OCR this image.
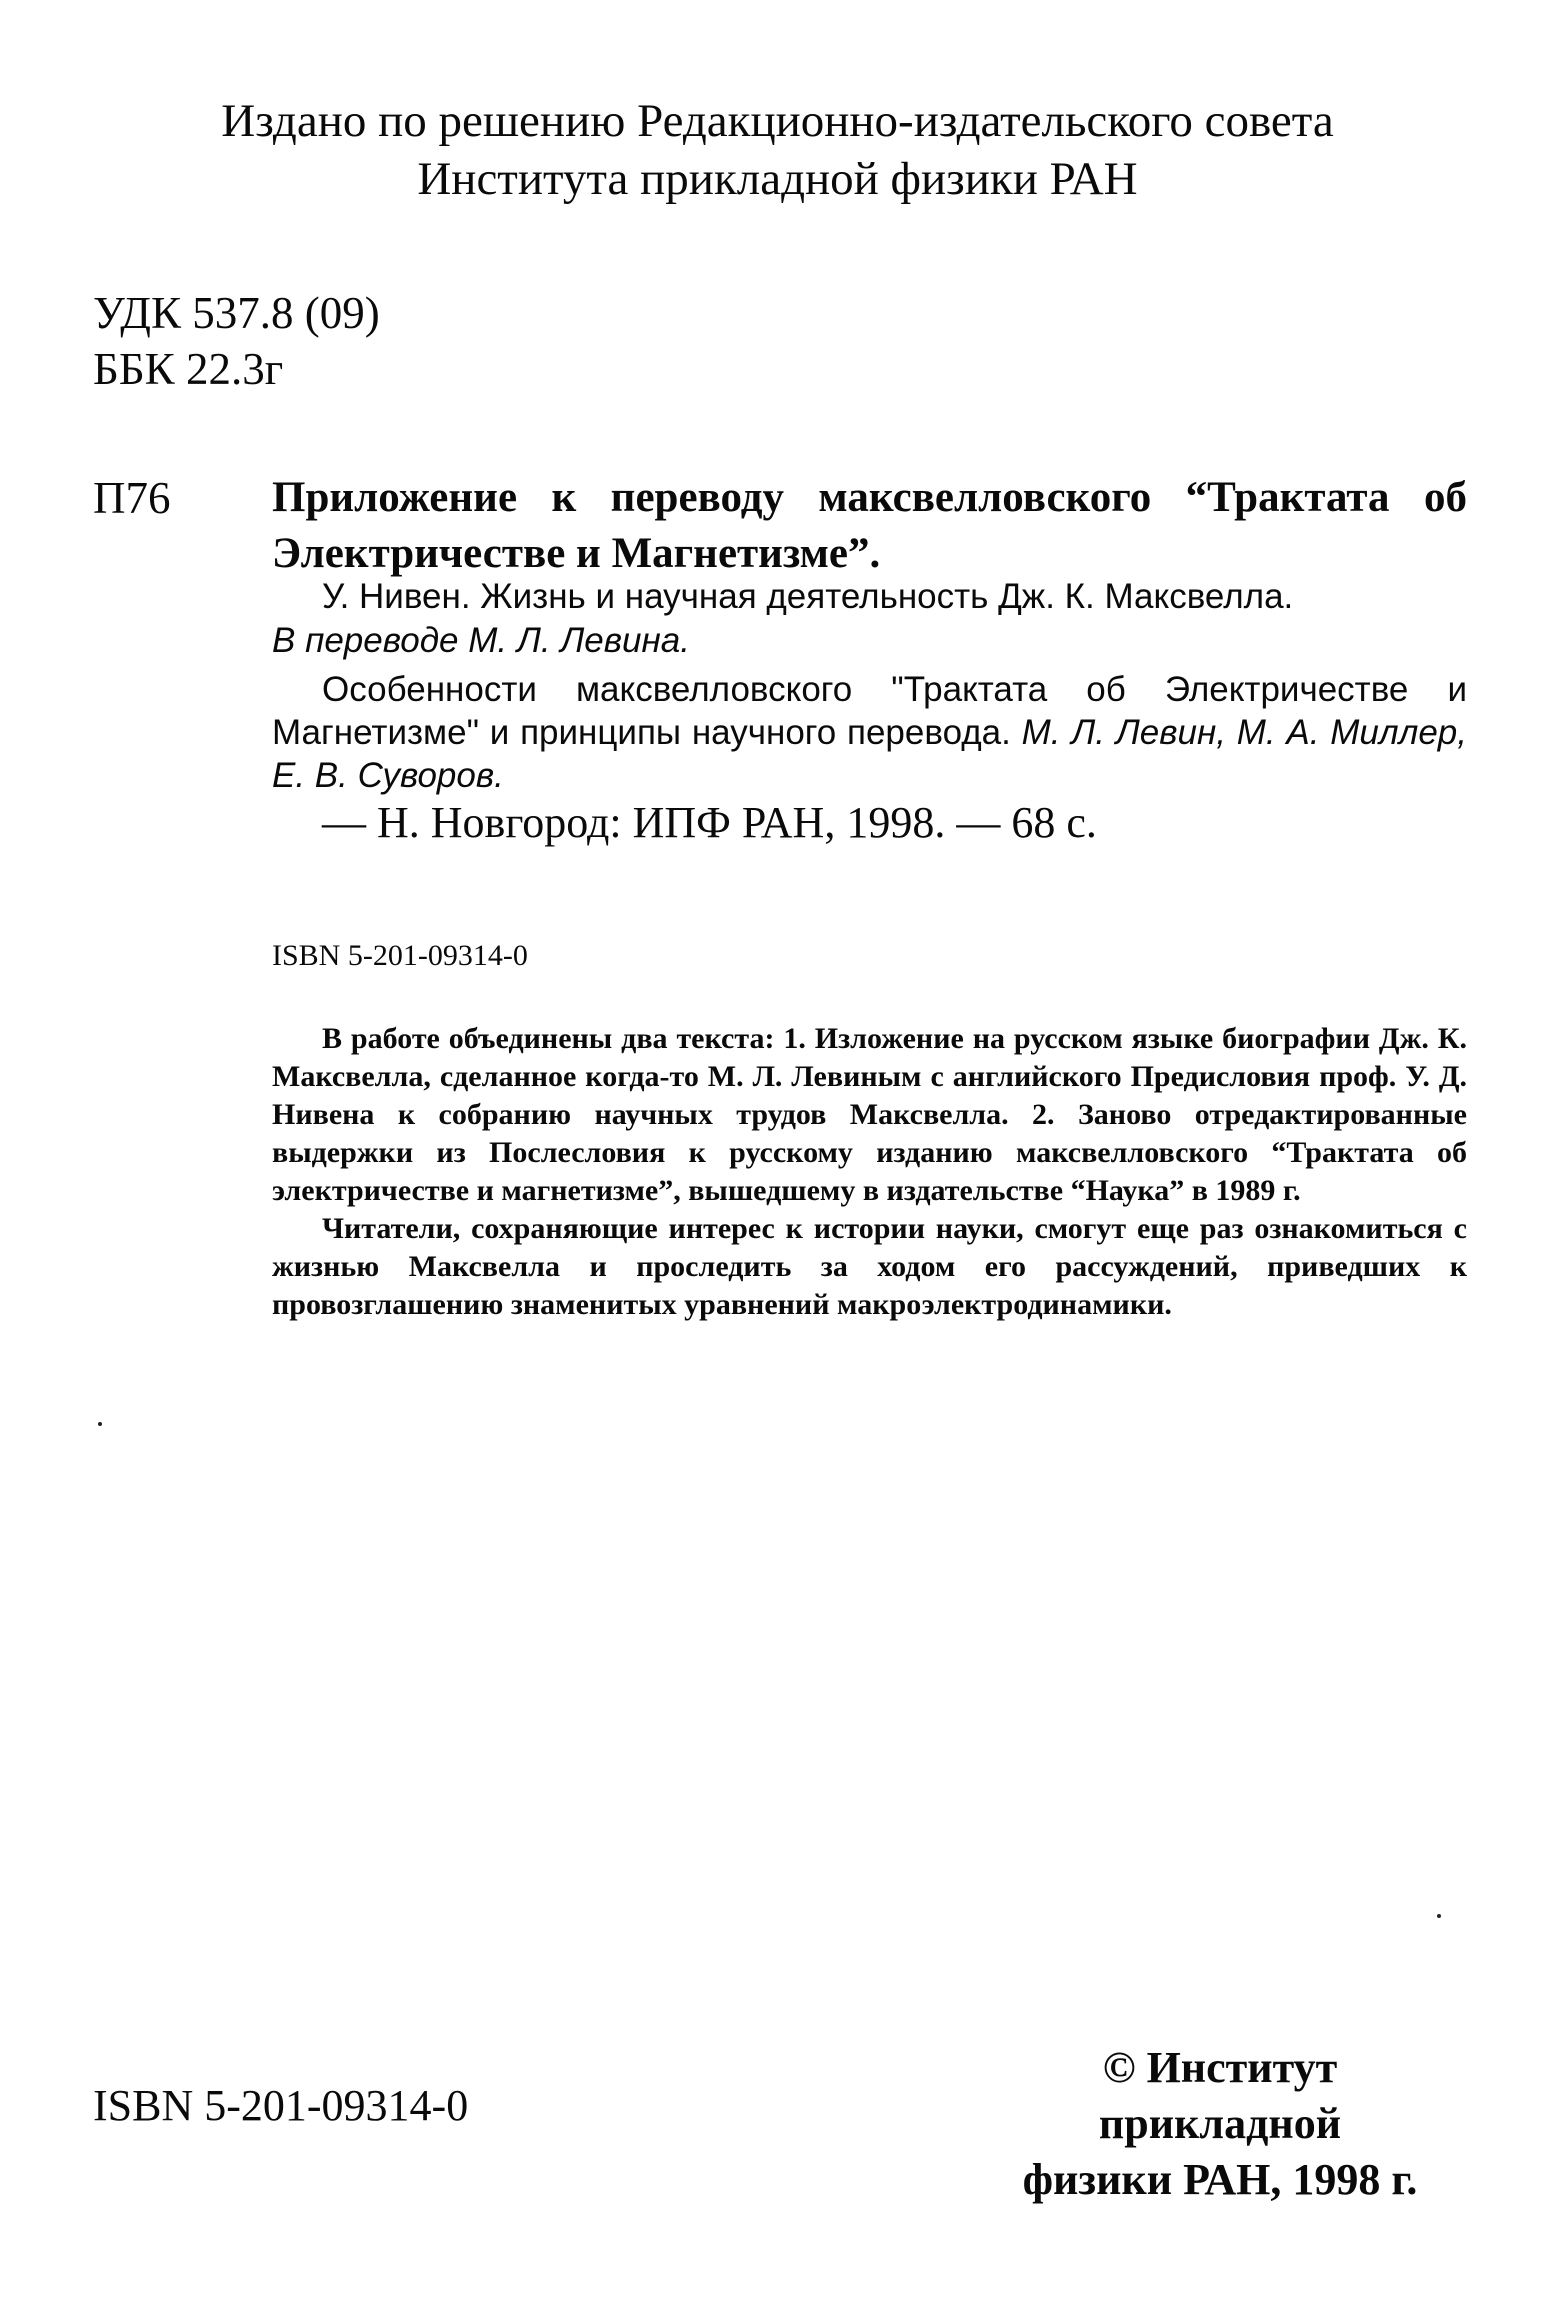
Издано по решению Редакционно-издательского совета
Института прикладной физики РАН
УДК 537.8 (09)
ББК 22.3г
П76 Приложение к переводу максвелловского “Трактата об Электричестве и Магнетизме”.
У. Нивен. Жизнь и научная деятельность Дж. К. Максвелла.
В переводе М. Л. Левина.
Особенности максвелловского "Трактата об Электричестве и Магнетизме" и принципы научного перевода. М. Л. Левин, М. А. Миллер, Е. В. Суворов.
— Н. Новгород: ИПФ РАН, 1998. — 68 с.
ISBN 5-201-09314-0

В работе объединены два текста: 1. Изложение на русском языке биографии Дж. К. Максвелла, сделанное когда-то М. Л. Левиным с английского Предисловия проф. У. Д. Нивена к собранию научных трудов Максвелла. 2. Заново отредактированные выдержки из Послесловия к русскому изданию максвелловского “Трактата об электричестве и магнетизме”, вышедшему в издательстве “Наука” в 1989 г.

Читатели, сохраняющие интерес к истории науки, смогут еще раз ознакомиться с жизнью Максвелла и проследить за ходом его рассуждений, приведших к провозглашению знаменитых уравнений макроэлектродинамики.

ISBN 5-201-09314-0
© Институт прикладной
физики РАН, 1998 г.
